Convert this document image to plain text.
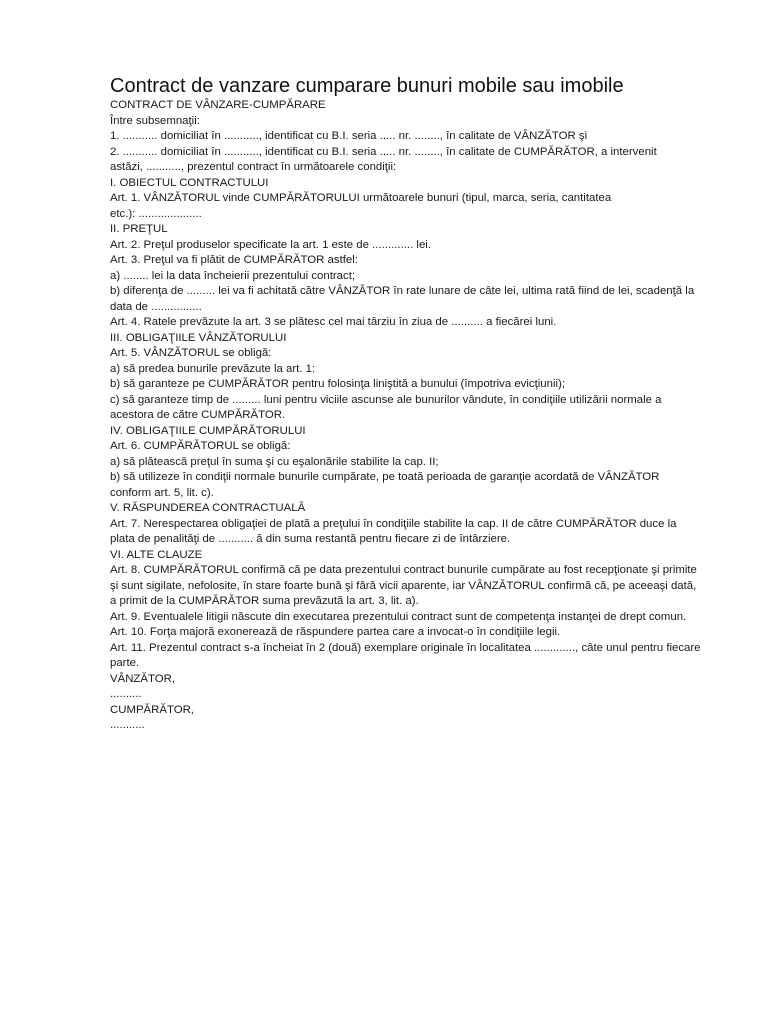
Contract de vanzare cumparare bunuri mobile sau imobile
CONTRACT DE VÂNZARE-CUMPĂRARE
Între subsemnaţii:
1. ........... domiciliat în ..........., identificat cu B.I. seria ..... nr. ........, în calitate de VÂNZĂTOR şi
2. ........... domiciliat în ..........., identificat cu B.I. seria ..... nr. ........, în calitate de CUMPĂRĂTOR, a intervenit
astăzi, ..........., prezentul contract în următoarele condiţii:
I. OBIECTUL CONTRACTULUI
Art. 1. VÂNZĂTORUL vinde CUMPĂRĂTORULUI următoarele bunuri (tipul, marca, seria, cantitatea
etc.): ....................
II. PREŢUL
Art. 2. Preţul produselor specificate la art. 1 este de ............. lei.
Art. 3. Preţul va fi plătit de CUMPĂRĂTOR astfel:
a) ........ lei la data încheierii prezentului contract;
b) diferenţa de ......... lei va fi achitată către VÂNZĂTOR în rate lunare de câte lei, ultima rată fiind de lei, scadenţă la
data de ................
Art. 4. Ratele prevăzute la art. 3 se plătesc cel mai târziu în ziua de .......... a fiecărei luni.
III. OBLIGAŢIILE VÂNZĂTORULUI
Art. 5. VÂNZĂTORUL se obligă:
a) să predea bunurile prevăzute la art. 1:
b) să garanteze pe CUMPĂRĂTOR pentru folosinţa liniştită a bunului (împotriva evicţiunii);
c) să garanteze timp de ......... luni pentru viciile ascunse ale bunurilor vândute, în condiţiile utilizării normale a
acestora de către CUMPĂRĂTOR.
IV. OBLIGAŢIILE CUMPĂRĂTORULUI
Art. 6. CUMPĂRĂTORUL se obligă:
a) să plătească preţul în suma şi cu eşalonările stabilite la cap. II;
b) să utilizeze în condiţii normale bunurile cumpărate, pe toată perioada de garanţie acordată de VÂNZĂTOR
conform art. 5, lit. c).
V. RĂSPUNDEREA CONTRACTUALĂ
Art. 7. Nerespectarea obligaţiei de plată a preţului în condiţiile stabilite la cap. II de către CUMPĂRĂTOR duce la
plata de penalităţi de ........... ă din suma restantă pentru fiecare zi de întârziere.
VI. ALTE CLAUZE
Art. 8. CUMPĂRĂTORUL confirmă că pe data prezentului contract bunurile cumpărate au fost recepţionate şi primite
şi sunt sigilate, nefolosite, în stare foarte bună şi fără vicii aparente, iar VÂNZĂTORUL confirmă că, pe aceeaşi dată,
a primit de la CUMPĂRĂTOR suma prevăzută la art. 3, lit. a).
Art. 9. Eventualele litigii născute din executarea prezentului contract sunt de competenţa instanţei de drept comun.
Art. 10. Forţa majoră exonerează de răspundere partea care a invocat-o în condiţiile legii.
Art. 11. Prezentul contract s-a încheiat în 2 (două) exemplare originale în localitatea ............., câte unul pentru fiecare
parte.
VÂNZĂTOR,
..........
CUMPĂRĂTOR,
...........
